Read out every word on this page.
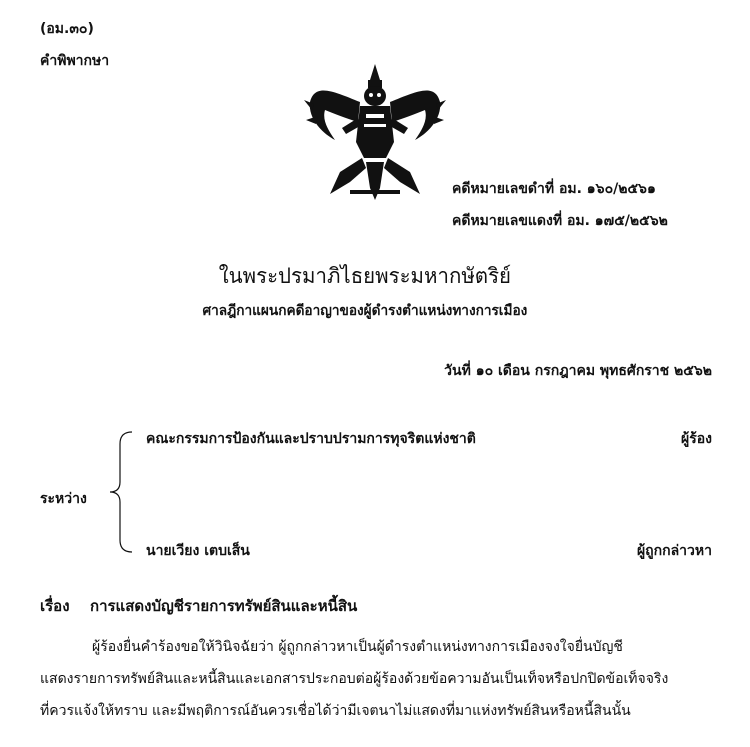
(อม.๓๐)
คำพิพากษา
คดีหมายเลขดำที่ อม. ๑๖๐/๒๕๖๑
คดีหมายเลขแดงที่ อม. ๑๗๕/๒๕๖๒
ในพระปรมาภิไธยพระมหากษัตริย์
ศาลฎีกาแผนกคดีอาญาของผู้ดำรงตำแหน่งทางการเมือง
วันที่ ๑๐ เดือน กรกฎาคม พุทธศักราช ๒๕๖๒
คณะกรรมการป้องกันและปราบปรามการทุจริตแห่งชาติ	ผู้ร้อง
ระหว่าง
นายเวียง เตบเส็น	ผู้ถูกกล่าวหา
เรื่อง การแสดงบัญชีรายการทรัพย์สินและหนี้สิน
ผู้ร้องยื่นคำร้องขอให้วินิจฉัยว่า ผู้ถูกกล่าวหาเป็นผู้ดำรงตำแหน่งทางการเมืองจงใจยื่นบัญชี
แสดงรายการทรัพย์สินและหนี้สินและเอกสารประกอบต่อผู้ร้องด้วยข้อความอันเป็นเท็จหรือปกปิดข้อเท็จจริง
ที่ควรแจ้งให้ทราบ และมีพฤติการณ์อันควรเชื่อได้ว่ามีเจตนาไม่แสดงที่มาแห่งทรัพย์สินหรือหนี้สินนั้น
